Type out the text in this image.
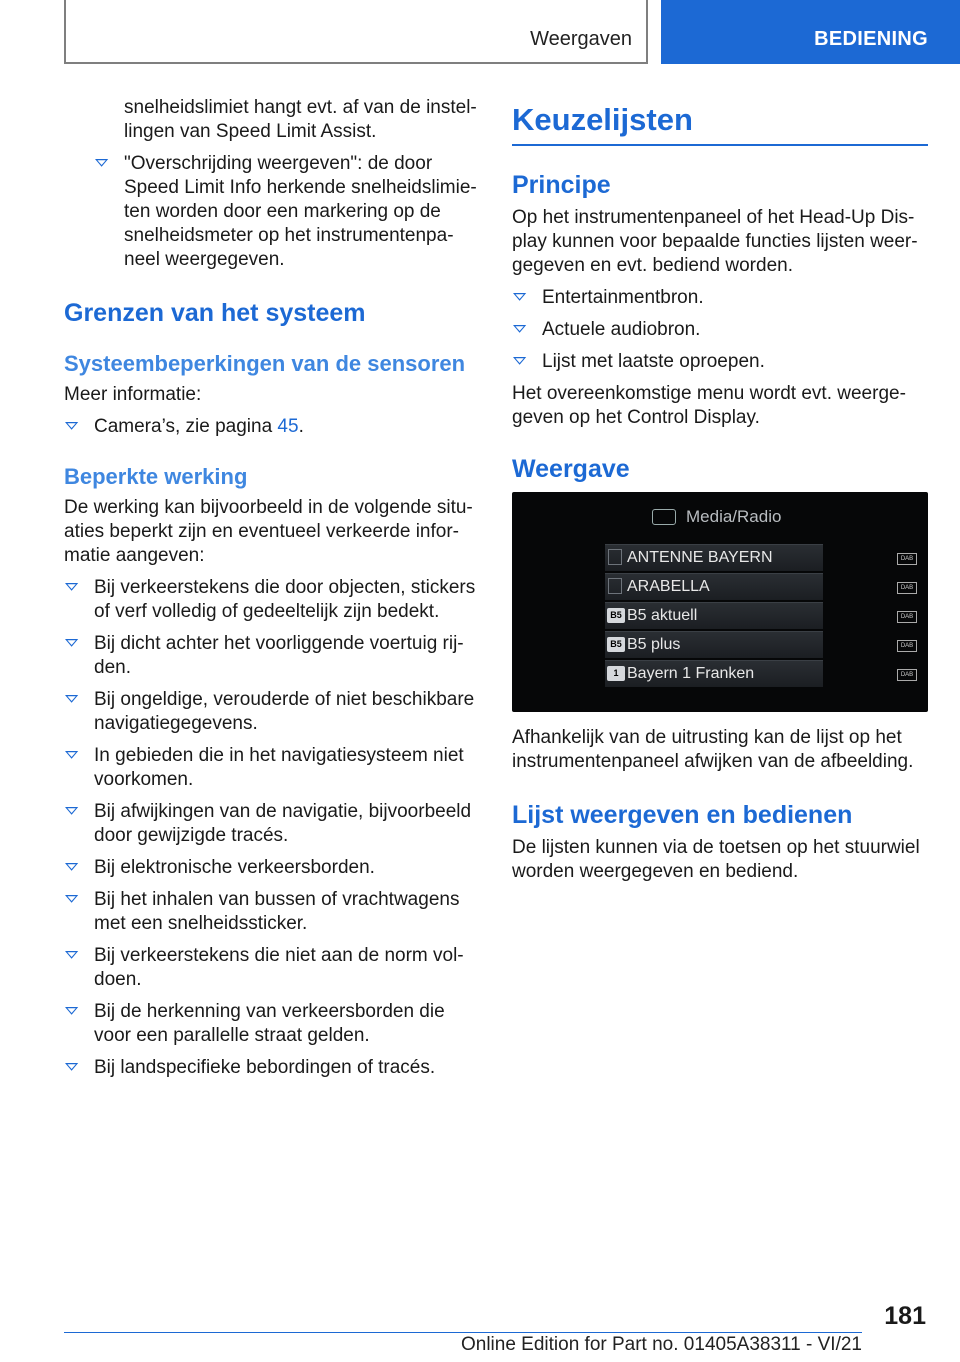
Weergaven	BEDIENING
snelheidslimiet hangt evt. af van de instel-lingen van Speed Limit Assist.
"Overschrijding weergeven": de door Speed Limit Info herkende snelheidslimie-ten worden door een markering op de snelheidsmeter op het instrumentenpa-neel weergegeven.
Grenzen van het systeem
Systeembeperkingen van de sensoren

Meer informatie:

Camera’s, zie pagina 45.
Beperkte werking

De werking kan bijvoorbeeld in de volgende situ-aties beperkt zijn en eventueel verkeerde infor-matie aangeven:

Bij verkeerstekens die door objecten, stickers of verf volledig of gedeeltelijk zijn bedekt.
Bij dicht achter het voorliggende voertuig rij-den.
Bij ongeldige, verouderde of niet beschikbare navigatiegegevens.
In gebieden die in het navigatiesysteem niet voorkomen.
Bij afwijkingen van de navigatie, bijvoorbeeld door gewijzigde tracés.
Bij elektronische verkeersborden.
Bij het inhalen van bussen of vrachtwagens met een snelheidssticker.
Bij verkeerstekens die niet aan de norm vol-doen.
Bij de herkenning van verkeersborden die voor een parallelle straat gelden.
Bij landspecifieke bebordingen of tracés.
Keuzelijsten
Principe

Op het instrumentenpaneel of het Head-Up Dis-play kunnen voor bepaalde functies lijsten weer-gegeven en evt. bediend worden.

Entertainmentbron.
Actuele audiobron.
Lijst met laatste oproepen.

Het overeenkomstige menu wordt evt. weerge-geven op het Control Display.

Weergave
Media/Radio
ANTENNE BAYERN	DAB
ARABELLA	DAB
B5 B5 aktuell	DAB
B5 B5 plus	DAB
1 Bayern 1 Franken	DAB

Afhankelijk van de uitrusting kan de lijst op het instrumentenpaneel afwijken van de afbeelding.

Lijst weergeven en bedienen

De lijsten kunnen via de toetsen op het stuurwiel worden weergegeven en bediend.

181
Online Edition for Part no. 01405A38311 - VI/21
